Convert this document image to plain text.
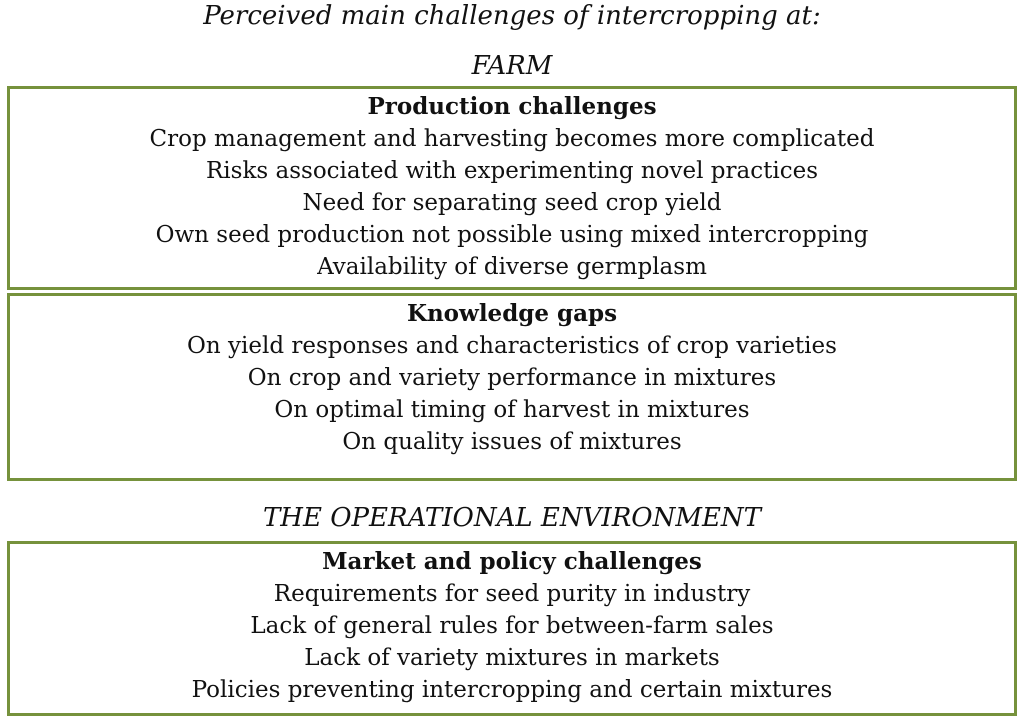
Perceived main challenges of intercropping at:
FARM
Production challenges
Crop management and harvesting becomes more complicated
Risks associated with experimenting novel practices
Need for separating seed crop yield
Own seed production not possible using mixed intercropping
Availability of diverse germplasm
Knowledge gaps
On yield responses and characteristics of crop varieties
On crop and variety performance in mixtures
On optimal timing of harvest in mixtures
On quality issues of mixtures
THE OPERATIONAL ENVIRONMENT
Market and policy challenges
Requirements for seed purity in industry
Lack of general rules for between-farm sales
Lack of variety mixtures in markets
Policies preventing intercropping and certain mixtures
